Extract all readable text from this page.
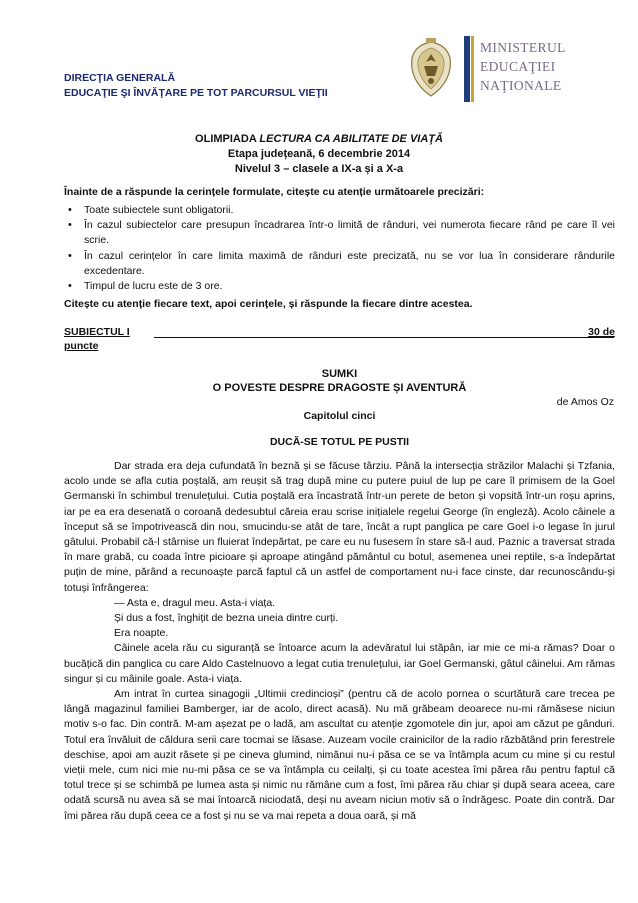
DIRECŢIA GENERALĂ
EDUCAŢIE ŞI ÎNVĂŢARE PE TOT PARCURSUL VIEŢII
MINISTERUL
EDUCAŢIEI
NAŢIONALE
OLIMPIADA LECTURA CA ABILITATE DE VIAŢĂ
Etapa județeană, 6 decembrie 2014
Nivelul 3 – clasele a IX-a și a X-a
Înainte de a răspunde la cerințele formulate, citește cu atenție următoarele precizări:
• Toate subiectele sunt obligatorii.
• În cazul subiectelor care presupun încadrarea într-o limită de rânduri, vei numerota fiecare rând pe care îl vei scrie.
• În cazul cerințelor în care limita maximă de rânduri este precizată, nu se vor lua în considerare rândurile excedentare.
• Timpul de lucru este de 3 ore.
Citește cu atenție fiecare text, apoi cerințele, și răspunde la fiecare dintre acestea.
SUBIECTUL I	30 de
puncte
SUMKI
O POVESTE DESPRE DRAGOSTE ȘI AVENTURĂ
de Amos Oz
Capitolul cinci
DUCĂ-SE TOTUL PE PUSTII

Dar strada era deja cufundată în beznă și se făcuse târziu. Până la intersecția străzilor Malachi și Tzfania, acolo unde se afla cutia poștală, am reușit să trag după mine cu putere puiul de lup pe care îl primisem de la Goel Germanski în schimbul trenulețului. Cutia poștală era încastrată într-un perete de beton și vopsită într-un roșu aprins, iar pe ea era desenată o coroană dedesubtul căreia erau scrise inițialele regelui George (în engleză). Acolo câinele a început să se împotrivească din nou, smucindu-se atât de tare, încât a rupt panglica pe care Goel i-o legase în jurul gâtului. Probabil că-l stârnise un fluierat îndepărtat, pe care eu nu fusesem în stare să-l aud. Paznic a traversat strada în mare grabă, cu coada între picioare și aproape atingând pământul cu botul, asemenea unei reptile, s-a îndepărtat puțin de mine, părând a recunoaște parcă faptul că un astfel de comportament nu-i face cinste, dar recunoscându-și totuși înfrângerea:

— Asta e, dragul meu. Asta-i viața.

Și dus a fost, înghițit de bezna uneia dintre curți.

Era noapte.

Câinele acela rău cu siguranță se întoarce acum la adevăratul lui stăpân, iar mie ce mi-a rămas? Doar o bucățică din panglica cu care Aldo Castelnuovo a legat cutia trenulețului, iar Goel Germanski, gâtul câinelui. Am rămas singur și cu mâinile goale. Asta-i viața.

Am intrat în curtea sinagogii „Ultimii credincioși” (pentru că de acolo pornea o scurtătură care trecea pe lângă magazinul familiei Bamberger, iar de acolo, direct acasă). Nu mă grăbeam deoarece nu-mi rămăsese niciun motiv s-o fac. Din contră. M-am așezat pe o ladă, am ascultat cu atenție zgomotele din jur, apoi am căzut pe gânduri. Totul era învăluit de căldura serii care tocmai se lăsase. Auzeam vocile crainicilor de la radio răzbătând prin ferestrele deschise, apoi am auzit râsete și pe cineva glumind, nimănui nu-i păsa ce se va întâmpla acum cu mine și cu restul vieții mele, cum nici mie nu-mi păsa ce se va întâmpla cu ceilalți, și cu toate acestea îmi părea rău pentru faptul că totul trece și se schimbă pe lumea asta și nimic nu rămâne cum a fost, îmi părea rău chiar și după seara aceea, care odată scursă nu avea să se mai întoarcă niciodată, deși nu aveam niciun motiv să o îndrăgesc. Poate din contră. Dar îmi părea rău după ceea ce a fost și nu se va mai repeta a doua oară, și mă
